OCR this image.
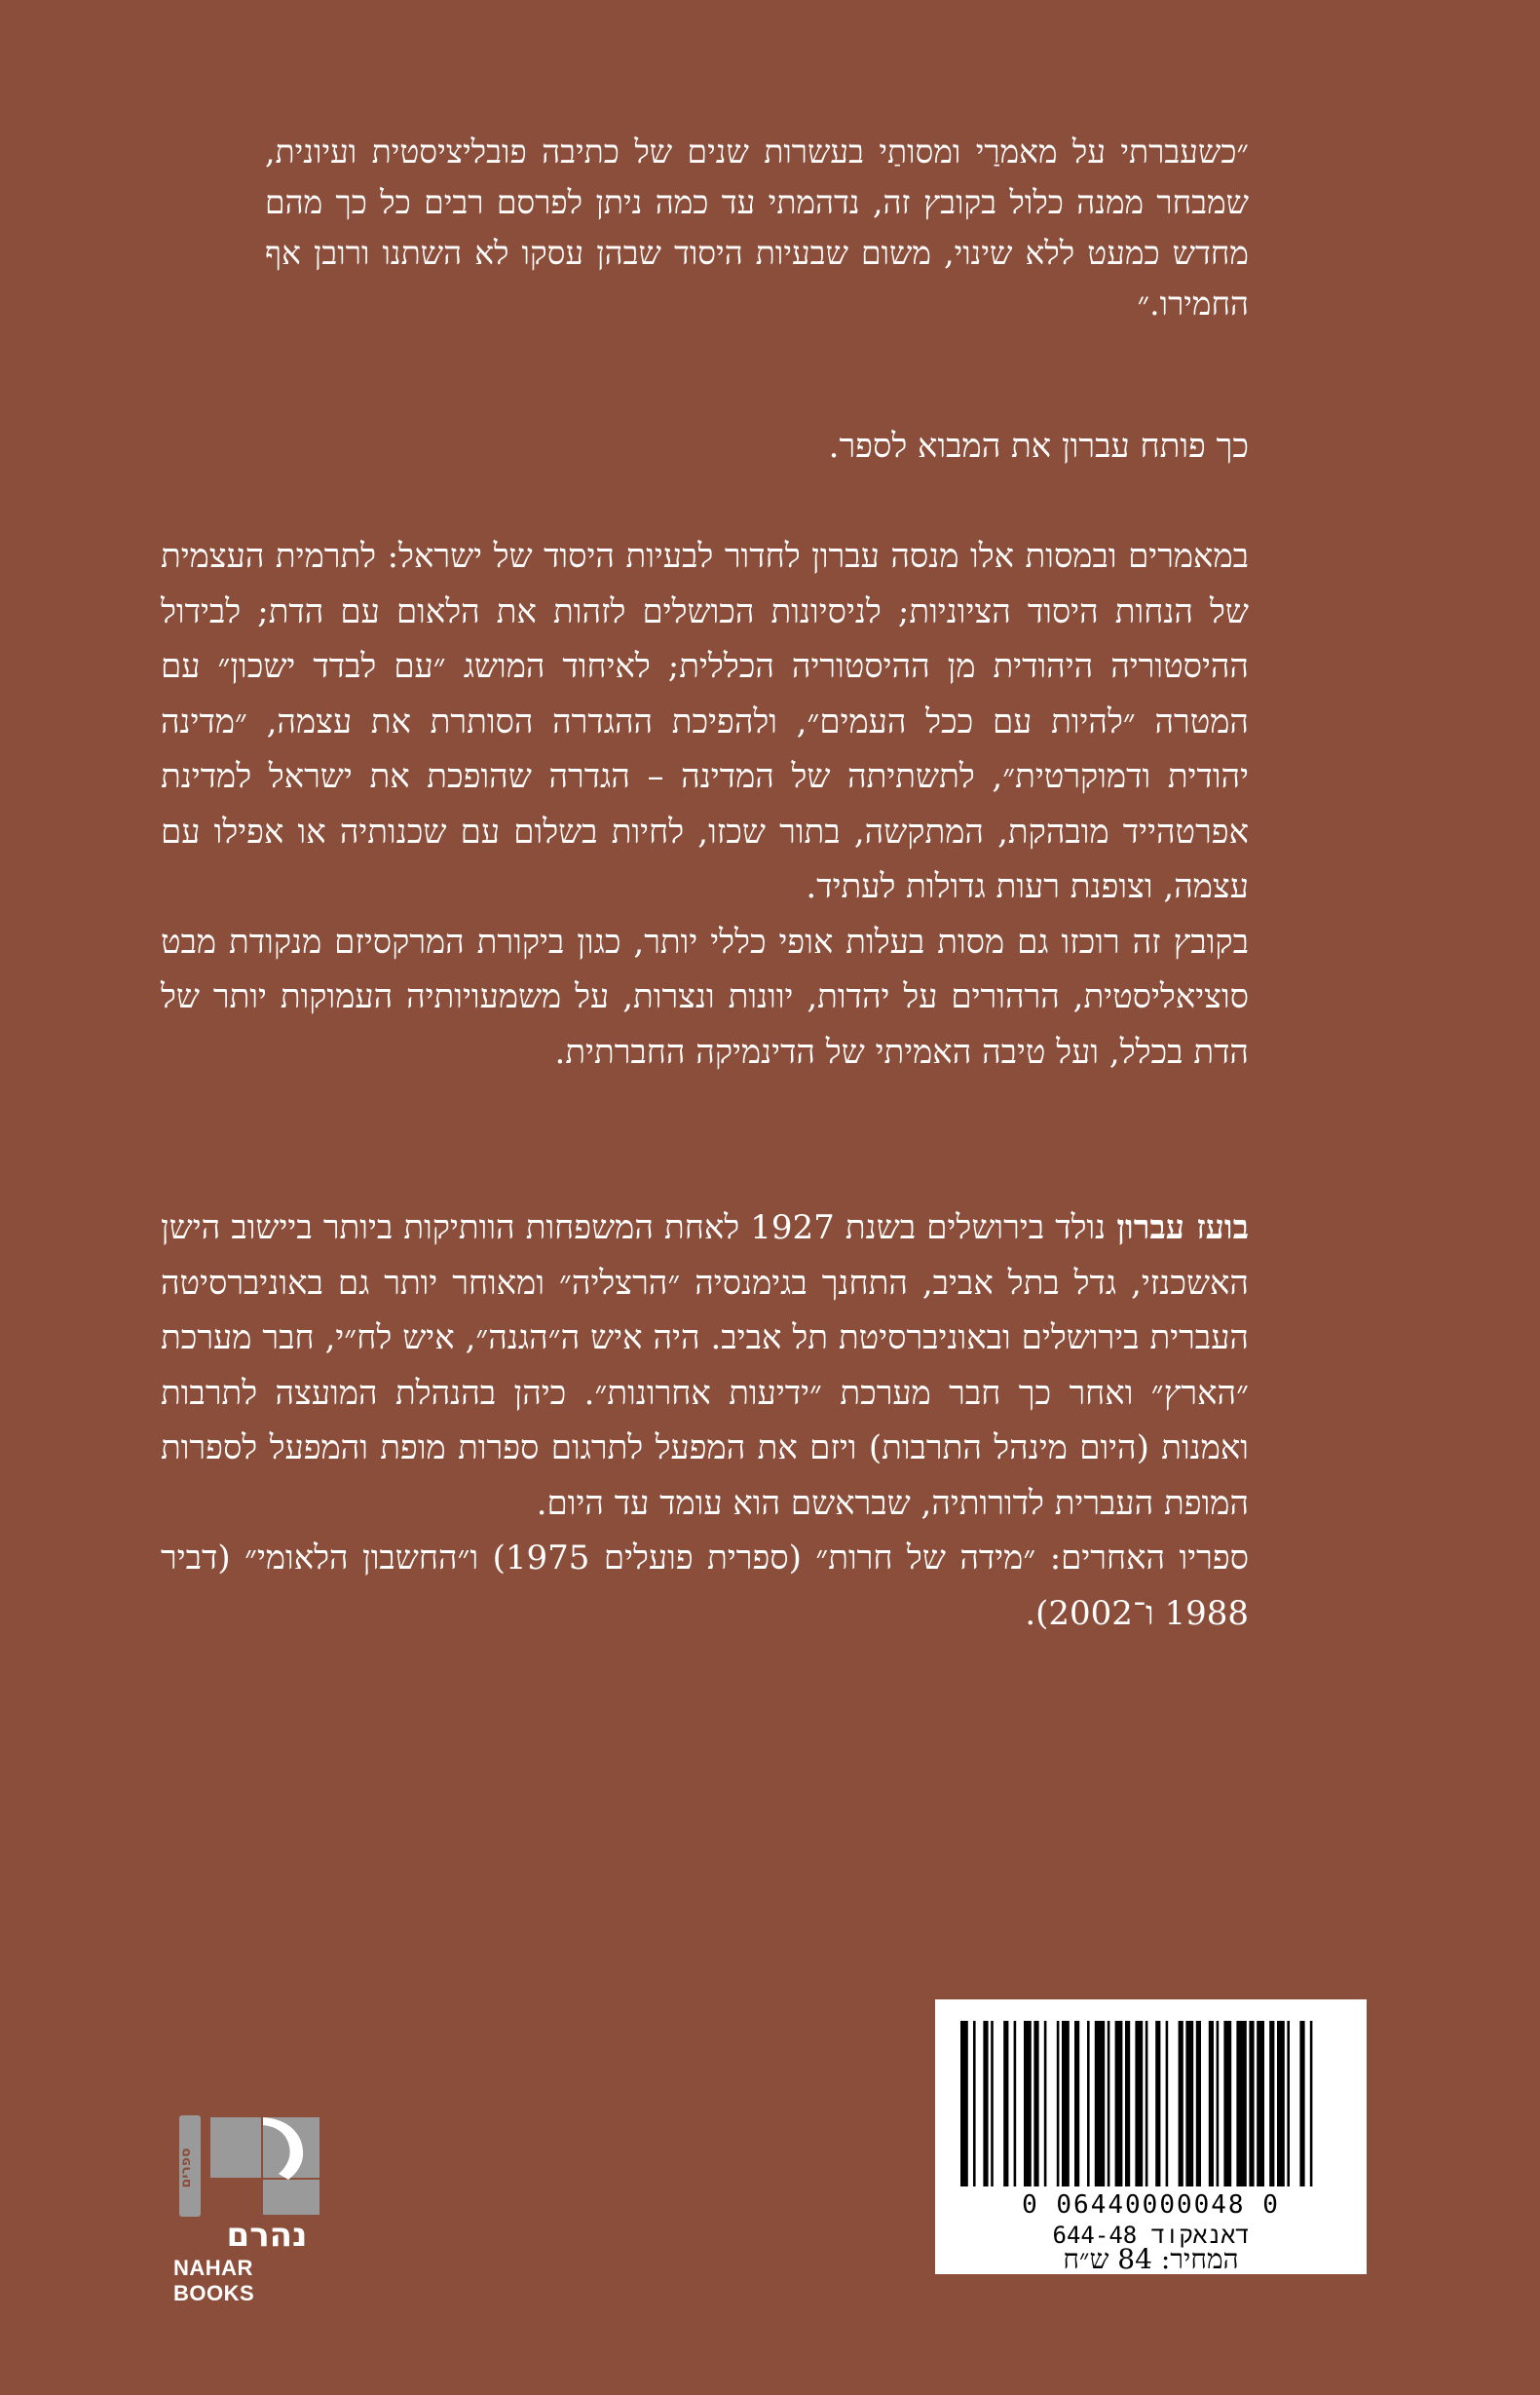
״כשעברתי על מאמרַי ומסותַי בעשרות שנים של כתיבה פובליציסטית ועיונית, שמבחר ממנה כלול בקובץ זה, נדהמתי עד כמה ניתן לפרסם רבים כל כך מהם מחדש כמעט ללא שינוי, משום שבעיות היסוד שבהן עסקו לא השתנו ורובן אף החמירו.״
כך פותח עברון את המבוא לספר.

במאמרים ובמסות אלו מנסה עברון לחדור לבעיות היסוד של ישראל: לתרמית העצמית של הנחות היסוד הציוניות; לניסיונות הכושלים לזהות את הלאום עם הדת; לבידול ההיסטוריה היהודית מן ההיסטוריה הכללית; לאיחוד המושג ״עם לבדד ישכון״ עם המטרה ״להיות עם ככל העמים״, ולהפיכת ההגדרה הסותרת את עצמה, ״מדינה יהודית ודמוקרטית״, לתשתיתה של המדינה – הגדרה שהופכת את ישראל למדינת אפרטהייד מובהקת, המתקשה, בתור שכזו, לחיות בשלום עם שכנותיה או אפילו עם עצמה, וצופנת רעות גדולות לעתיד.

בקובץ זה רוכזו גם מסות בעלות אופי כללי יותר, כגון ביקורת המרקסיזם מנקודת מבט סוציאליסטית, הרהורים על יהדות, יוונות ונצרות, על משמעויותיה העמוקות יותר של הדת בכלל, ועל טיבה האמיתי של הדינמיקה החברתית.

בועז עברון נולד בירושלים בשנת 1927 לאחת המשפחות הוותיקות ביותר ביישוב הישן האשכנזי, גדל בתל אביב, התחנך בגימנסיה ״הרצליה״ ומאוחר יותר גם באוניברסיטה העברית בירושלים ובאוניברסיטת תל אביב. היה איש ה״הגנה״, איש לח״י, חבר מערכת ״הארץ״ ואחר כך חבר מערכת ״ידיעות אחרונות״. כיהן בהנהלת המועצה לתרבות ואמנות (היום מינהל התרבות) ויזם את המפעל לתרגום ספרות מופת והמפעל לספרות המופת העברית לדורותיה, שבראשם הוא עומד עד היום.

ספריו האחרים: ״מידה של חרות״ (ספרית פועלים 1975) ו״החשבון הלאומי״ (דביר 1988 ו־2002).

ספרים
נהרם
NAHAR BOOKS
0 06440000048 0
דאנאקוד 644-48
המחיר: 84 ש״ח
